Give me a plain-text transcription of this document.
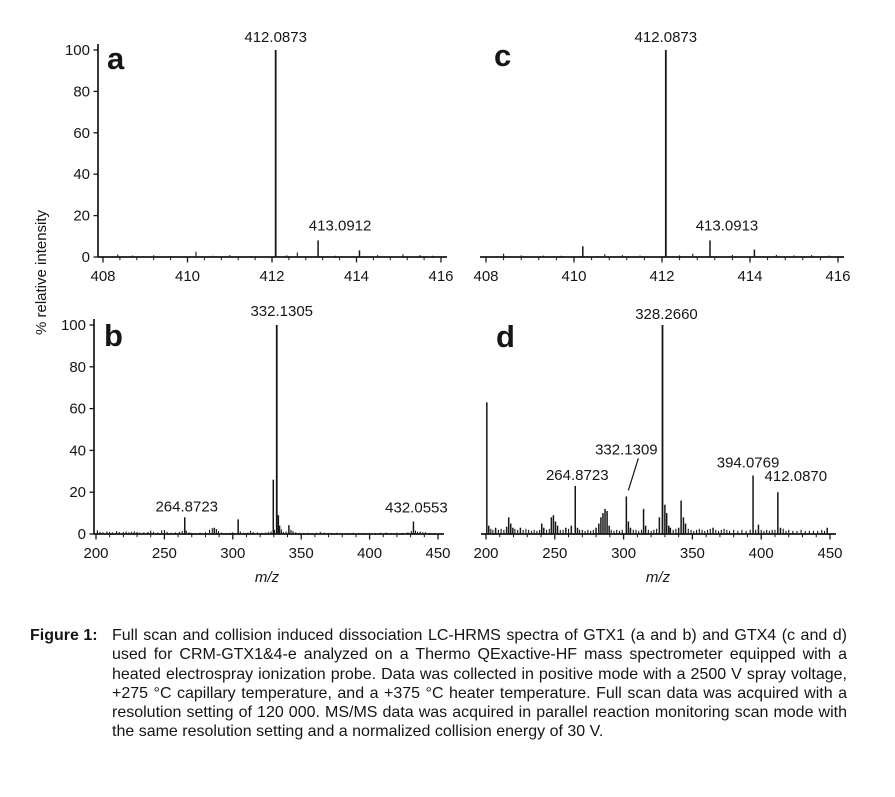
% relative intensity	408	410	412	414	416
0
20
40
60
80
100
412.0873
413.0912
a
408	410	412	414	416
412.0873
413.0913
c
200	250	300	350	400	450
0
20
40
60
80
100
332.1305
264.8723	432.0553
b
m/z
200	250	300	350	400	450
328.2660
264.8723
332.1309
394.0769
412.0870
d
m/z
Figure 1: Full scan and collision induced dissociation LC-HRMS spectra of GTX1 (a and b) and GTX4 (c and d) used for CRM-GTX1&4-e analyzed on a Thermo QExactive-HF mass spectrometer equipped with a heated electrospray ionization probe. Data was collected in positive mode with a 2500 V spray voltage, +275 °C capillary temperature, and a +375 °C heater temperature. Full scan data was acquired with a resolution setting of 120 000. MS/MS data was acquired in parallel reaction monitoring scan mode with the same resolution setting and a normalized collision energy of 30 V.
